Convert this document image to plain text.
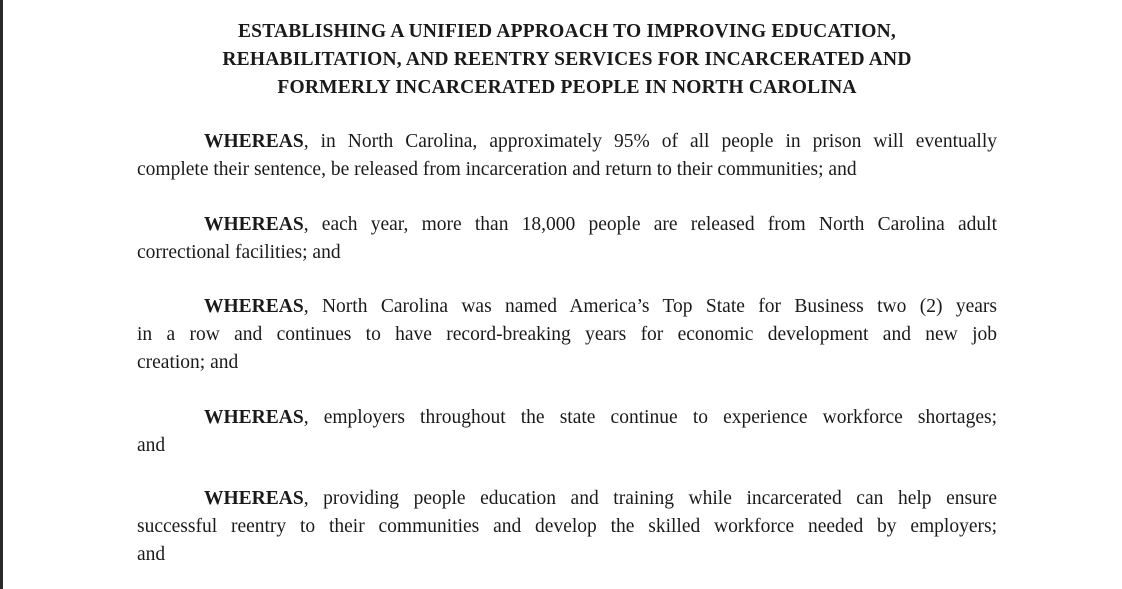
ESTABLISHING A UNIFIED APPROACH TO IMPROVING EDUCATION,
REHABILITATION, AND REENTRY SERVICES FOR INCARCERATED AND
FORMERLY INCARCERATED PEOPLE IN NORTH CAROLINA

WHEREAS, in North Carolina, approximately 95% of all people in prison will eventually
complete their sentence, be released from incarceration and return to their communities; and

WHEREAS, each year, more than 18,000 people are released from North Carolina adult
correctional facilities; and

WHEREAS, North Carolina was named America’s Top State for Business two (2) years
in a row and continues to have record-breaking years for economic development and new job
creation; and

WHEREAS, employers throughout the state continue to experience workforce shortages;
and

WHEREAS, providing people education and training while incarcerated can help ensure
successful reentry to their communities and develop the skilled workforce needed by employers;
and
